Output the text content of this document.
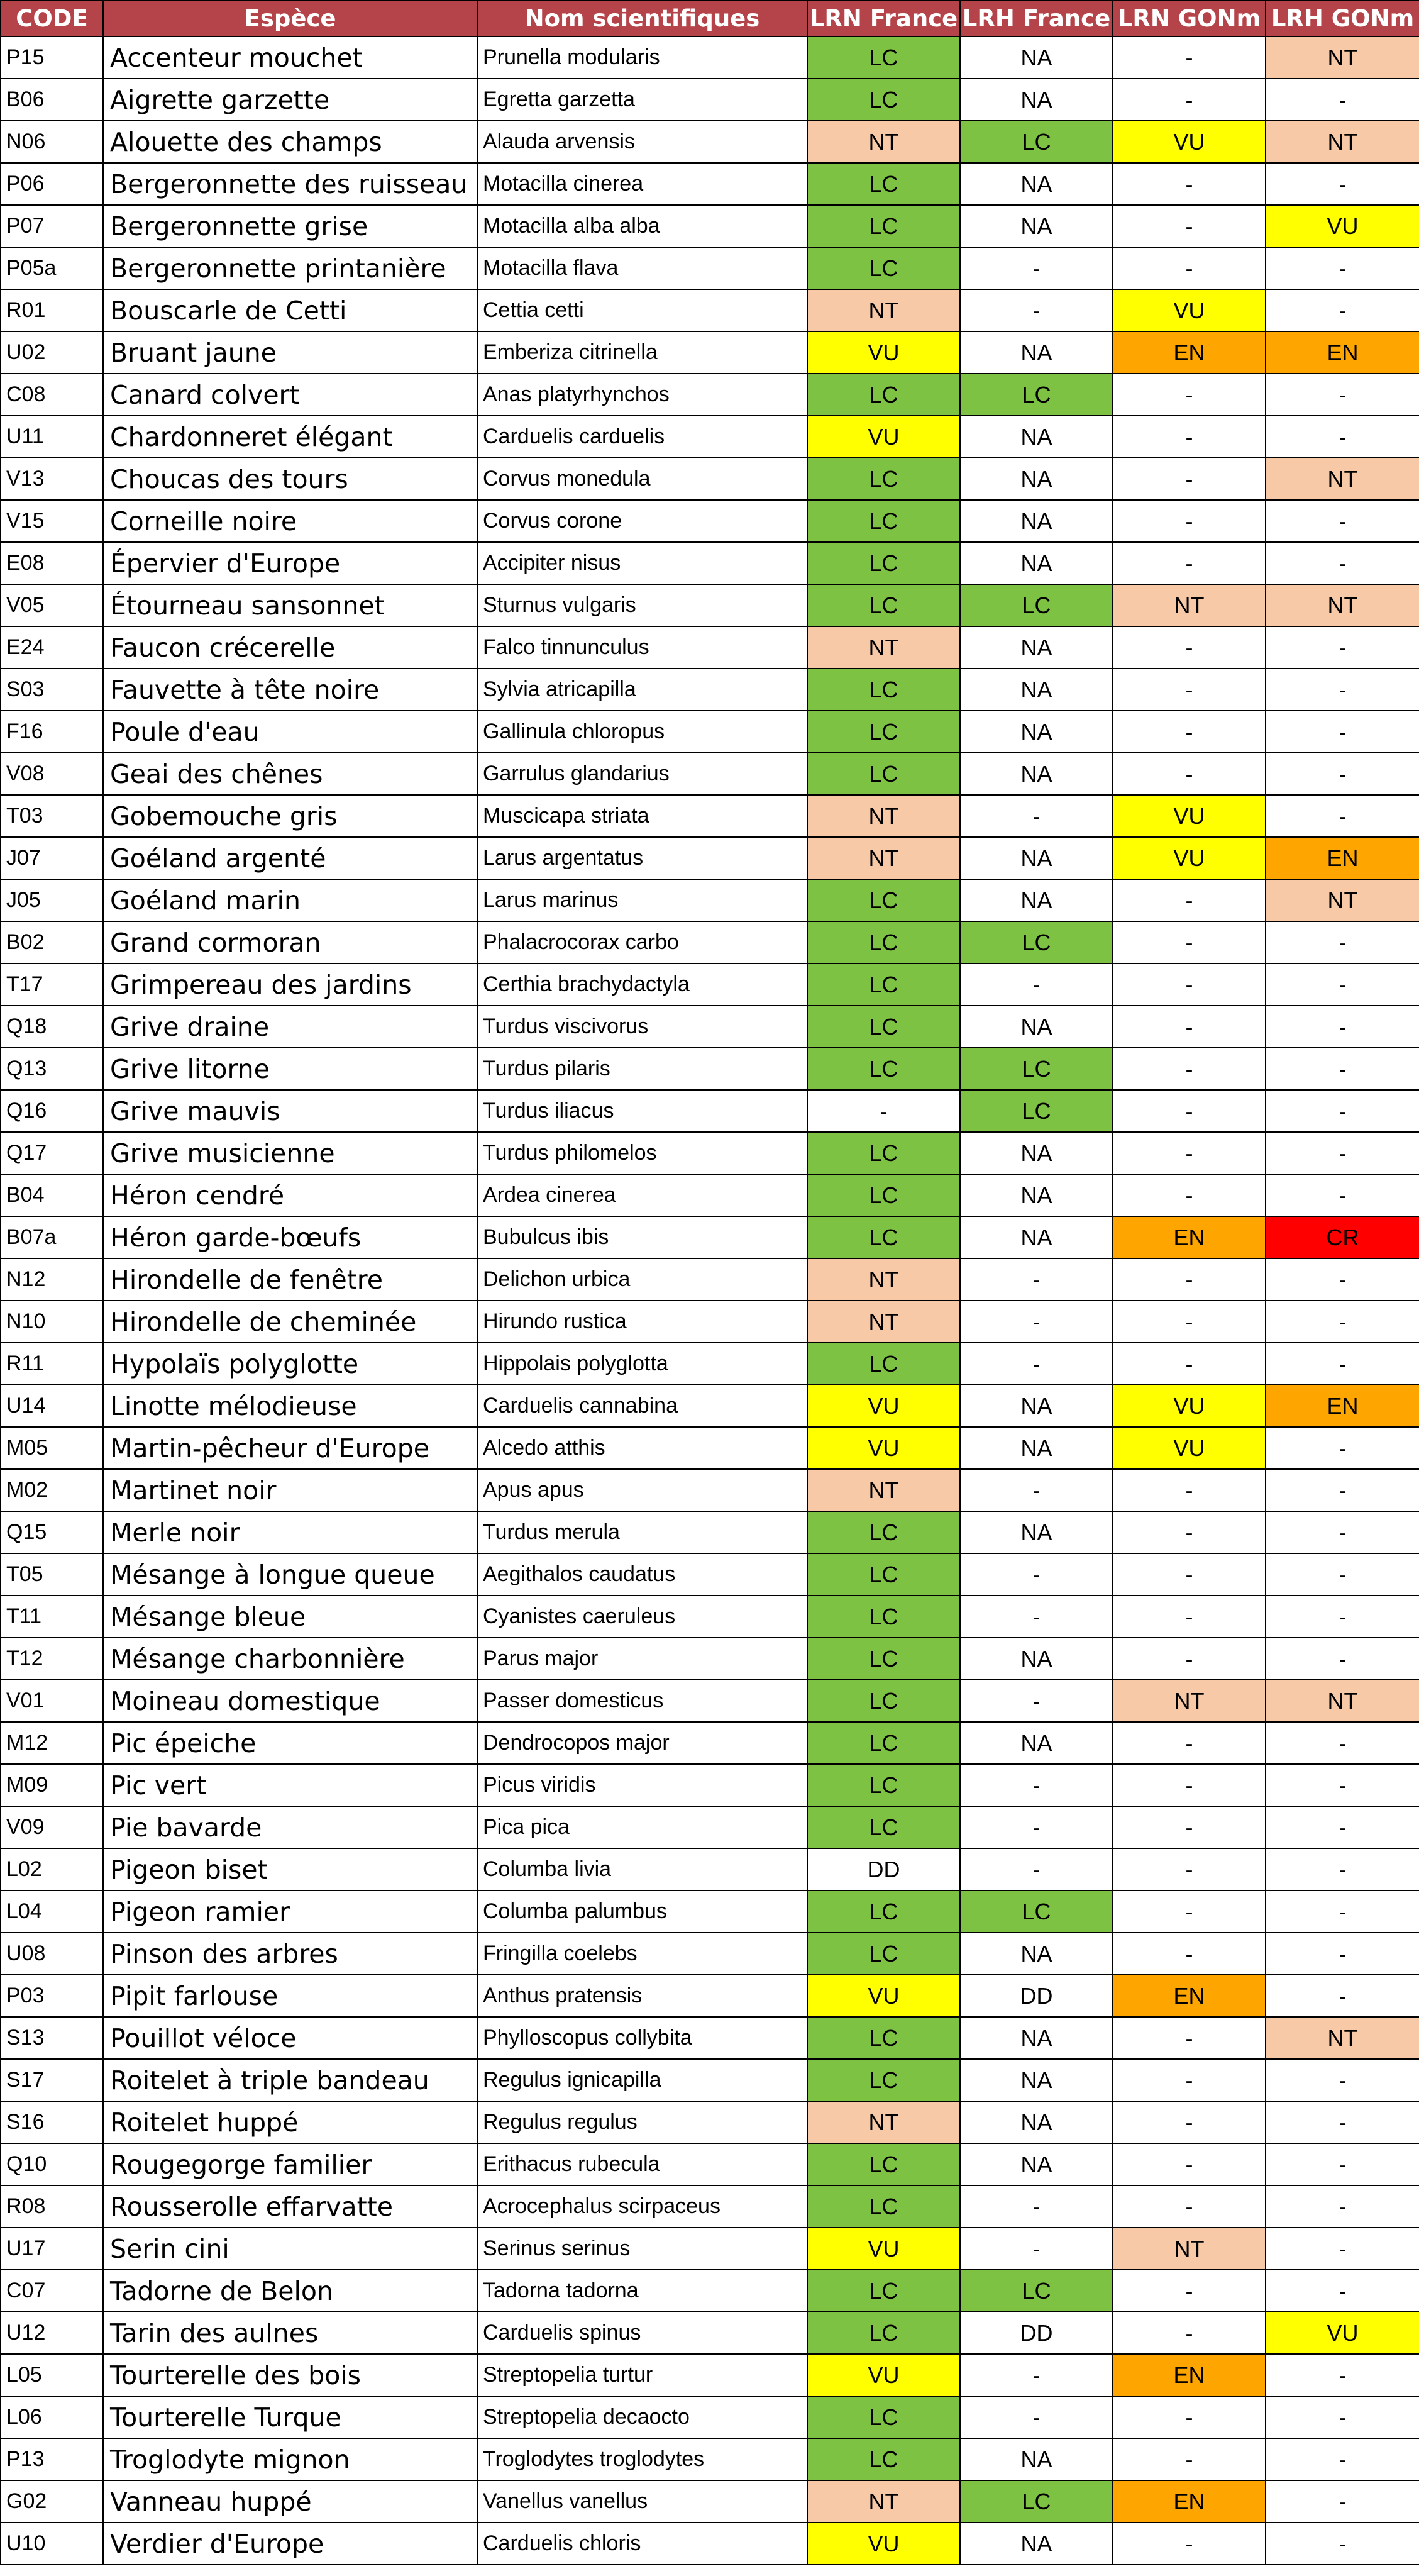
CODE	Espèce	Nom scientifiques	LRN France	LRH France	LRN GONm	LRH GONm
P15	Accenteur mouchet	Prunella modularis	LC	NA	-	NT
B06	Aigrette garzette	Egretta garzetta	LC	NA	-	-
N06	Alouette des champs	Alauda arvensis	NT	LC	VU	NT
P06	Bergeronnette des ruisseau	Motacilla cinerea	LC	NA	-	-
P07	Bergeronnette grise	Motacilla alba alba	LC	NA	-	VU
P05a	Bergeronnette printanière	Motacilla flava	LC	-	-	-
R01	Bouscarle de Cetti	Cettia cetti	NT	-	VU	-
U02	Bruant jaune	Emberiza citrinella	VU	NA	EN	EN
C08	Canard colvert	Anas platyrhynchos	LC	LC	-	-
U11	Chardonneret élégant	Carduelis carduelis	VU	NA	-	-
V13	Choucas des tours	Corvus monedula	LC	NA	-	NT
V15	Corneille noire	Corvus corone	LC	NA	-	-
E08	Épervier d'Europe	Accipiter nisus	LC	NA	-	-
V05	Étourneau sansonnet	Sturnus vulgaris	LC	LC	NT	NT
E24	Faucon crécerelle	Falco tinnunculus	NT	NA	-	-
S03	Fauvette à tête noire	Sylvia atricapilla	LC	NA	-	-
F16	Poule d'eau	Gallinula chloropus	LC	NA	-	-
V08	Geai des chênes	Garrulus glandarius	LC	NA	-	-
T03	Gobemouche gris	Muscicapa striata	NT	-	VU	-
J07	Goéland argenté	Larus argentatus	NT	NA	VU	EN
J05	Goéland marin	Larus marinus	LC	NA	-	NT
B02	Grand cormoran	Phalacrocorax carbo	LC	LC	-	-
T17	Grimpereau des jardins	Certhia brachydactyla	LC	-	-	-
Q18	Grive draine	Turdus viscivorus	LC	NA	-	-
Q13	Grive litorne	Turdus pilaris	LC	LC	-	-
Q16	Grive mauvis	Turdus iliacus	-	LC	-	-
Q17	Grive musicienne	Turdus philomelos	LC	NA	-	-
B04	Héron cendré	Ardea cinerea	LC	NA	-	-
B07a	Héron garde-bœufs	Bubulcus ibis	LC	NA	EN	CR
N12	Hirondelle de fenêtre	Delichon urbica	NT	-	-	-
N10	Hirondelle de cheminée	Hirundo rustica	NT	-	-	-
R11	Hypolaïs polyglotte	Hippolais polyglotta	LC	-	-	-
U14	Linotte mélodieuse	Carduelis cannabina	VU	NA	VU	EN
M05	Martin-pêcheur d'Europe	Alcedo atthis	VU	NA	VU	-
M02	Martinet noir	Apus apus	NT	-	-	-
Q15	Merle noir	Turdus merula	LC	NA	-	-
T05	Mésange à longue queue	Aegithalos caudatus	LC	-	-	-
T11	Mésange bleue	Cyanistes caeruleus	LC	-	-	-
T12	Mésange charbonnière	Parus major	LC	NA	-	-
V01	Moineau domestique	Passer domesticus	LC	-	NT	NT
M12	Pic épeiche	Dendrocopos major	LC	NA	-	-
M09	Pic vert	Picus viridis	LC	-	-	-
V09	Pie bavarde	Pica pica	LC	-	-	-
L02	Pigeon biset	Columba livia	DD	-	-	-
L04	Pigeon ramier	Columba palumbus	LC	LC	-	-
U08	Pinson des arbres	Fringilla coelebs	LC	NA	-	-
P03	Pipit farlouse	Anthus pratensis	VU	DD	EN	-
S13	Pouillot véloce	Phylloscopus collybita	LC	NA	-	NT
S17	Roitelet à triple bandeau	Regulus ignicapilla	LC	NA	-	-
S16	Roitelet huppé	Regulus regulus	NT	NA	-	-
Q10	Rougegorge familier	Erithacus rubecula	LC	NA	-	-
R08	Rousserolle effarvatte	Acrocephalus scirpaceus	LC	-	-	-
U17	Serin cini	Serinus serinus	VU	-	NT	-
C07	Tadorne de Belon	Tadorna tadorna	LC	LC	-	-
U12	Tarin des aulnes	Carduelis spinus	LC	DD	-	VU
L05	Tourterelle des bois	Streptopelia turtur	VU	-	EN	-
L06	Tourterelle Turque	Streptopelia decaocto	LC	-	-	-
P13	Troglodyte mignon	Troglodytes troglodytes	LC	NA	-	-
G02	Vanneau huppé	Vanellus vanellus	NT	LC	EN	-
U10	Verdier d'Europe	Carduelis chloris	VU	NA	-	-
